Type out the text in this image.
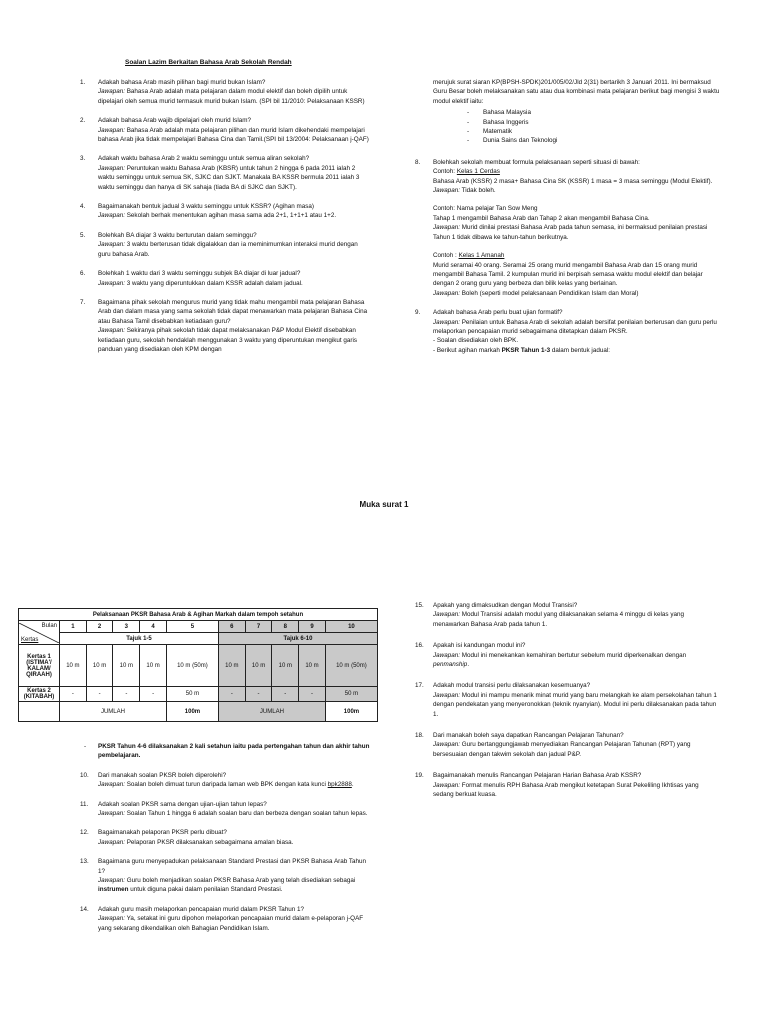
Soalan Lazim Berkaitan Bahasa Arab Sekolah Rendah
1. Adakah bahasa Arab masih pilihan bagi murid bukan Islam?

Jawapan: Bahasa Arab adalah mata pelajaran dalam modul elektif dan boleh dipilih untuk dipelajari oleh semua murid termasuk murid bukan Islam. (SPI bil 11/2010: Pelaksanaan KSSR)

2. Adakah bahasa Arab wajib dipelajari oleh murid Islam?

Jawapan: Bahasa Arab adalah mata pelajaran pilihan dan murid Islam dikehendaki mempelajari bahasa Arab jika tidak mempelajari Bahasa Cina dan Tamil.(SPI bil 13/2004: Pelaksanaan j-QAF)

3. Adakah waktu bahasa Arab 2 waktu seminggu untuk semua aliran sekolah?

Jawapan: Peruntukan waktu Bahasa Arab (KBSR) untuk tahun 2 hingga 6 pada 2011 ialah 2 waktu seminggu untuk semua SK, SJKC dan SJKT. Manakala BA KSSR bermula 2011 ialah 3 waktu seminggu dan hanya di SK sahaja (tiada BA di SJKC dan SJKT).

4. Bagaimanakah bentuk jadual 3 waktu seminggu untuk KSSR? (Agihan masa)

Jawapan: Sekolah berhak menentukan agihan masa sama ada 2+1, 1+1+1 atau 1+2.

5. Bolehkah BA diajar 3 waktu berturutan dalam seminggu?

Jawapan: 3 waktu berterusan tidak digalakkan dan ia meminimumkan interaksi murid dengan guru bahasa Arab.

6. Bolehkah 1 waktu dari 3 waktu seminggu subjek BA diajar di luar jadual?

Jawapan: 3 waktu yang diperuntukkan dalam KSSR adalah dalam jadual.

7. Bagaimana pihak sekolah mengurus murid yang tidak mahu mengambil mata pelajaran Bahasa Arab dan dalam masa yang sama sekolah tidak dapat menawarkan mata pelajaran Bahasa Cina atau Bahasa Tamil disebabkan ketiadaan guru?

Jawapan: Sekiranya pihak sekolah tidak dapat melaksanakan P&P Modul Elektif disebabkan ketiadaan guru, sekolah hendaklah menggunakan 3 waktu yang diperuntukan mengikut garis panduan yang disediakan oleh KPM dengan

merujuk surat siaran KP(BPSH-SPDK)201/005/02/Jld 2(31) bertarikh 3 Januari 2011. Ini bermaksud Guru Besar boleh melaksanakan satu atau dua kombinasi mata pelajaran berikut bagi mengisi 3 waktu modul elektif iaitu:

- Bahasa Malaysia
- Bahasa Inggeris
- Matematik
- Dunia Sains dan Teknologi
8. Bolehkah sekolah membuat formula pelaksanaan seperti situasi di bawah:

Contoh: Kelas 1 Cerdas

Bahasa Arab (KSSR) 2 masa+ Bahasa Cina SK (KSSR) 1 masa = 3 masa seminggu (Modul Elektif).

Jawapan: Tidak boleh.

Contoh: Nama pelajar Tan Sow Meng

Tahap 1 mengambil Bahasa Arab dan Tahap 2 akan mengambil Bahasa Cina.

Jawapan: Murid dinilai prestasi Bahasa Arab pada tahun semasa, ini bermaksud penilaian prestasi Tahun 1 tidak dibawa ke tahun-tahun berikutnya.

Contoh : Kelas 1 Amanah

Murid seramai 40 orang. Seramai 25 orang murid mengambil Bahasa Arab dan 15 orang murid mengambil Bahasa Tamil. 2 kumpulan murid ini berpisah semasa waktu modul elektif dan belajar dengan 2 orang guru yang berbeza dan bilik kelas yang berlainan.

Jawapan: Boleh (seperti model pelaksanaan Pendidikan Islam dan Moral)

9. Adakah bahasa Arab perlu buat ujian formatif?

Jawapan: Penilaian untuk Bahasa Arab di sekolah adalah bersifat penilaian berterusan dan guru perlu melaporkan pencapaian murid sebagaimana ditetapkan dalam PKSR.

- Soalan disediakan oleh BPK.

- Berikut agihan markah PKSR Tahun 1-3 dalam bentuk jadual:

Muka surat 1
Pelaksanaan PKSR Bahasa Arab & Agihan Markah dalam tempoh setahun										

Bulan
Kertas	1	2	3	4	5	6	7	8	9	10
	Tajuk 1-5					Tajuk 6-10				
Kertas 1 (ISTIMA'/ KALAM/ QIRAAH)	10 m	10 m	10 m	10 m	10 m (50m)	10 m	10 m	10 m	10 m	10 m (50m)
Kertas 2 (KITABAH)	-	-	-	-	50 m	-	-	-	-	50 m
	JUMLAH				100m	JUMLAH				100m
- PKSR Tahun 4-6 dilaksanakan 2 kali setahun iaitu pada pertengahan tahun dan akhir tahun pembelajaran.

10. Dari manakah soalan PKSR boleh diperolehi?

Jawapan: Soalan boleh dimuat turun daripada laman web BPK dengan kata kunci bpk2888.

11. Adakah soalan PKSR sama dengan ujian-ujian tahun lepas?

Jawapan: Soalan Tahun 1 hingga 6 adalah soalan baru dan berbeza dengan soalan tahun lepas.

12. Bagaimanakah pelaporan PKSR perlu dibuat?

Jawapan: Pelaporan PKSR dilaksanakan sebagaimana amalan biasa.

13. Bagaimana guru menyepadukan pelaksanaan Standard Prestasi dan PKSR Bahasa Arab Tahun 1?

Jawapan: Guru boleh menjadikan soalan PKSR Bahasa Arab yang telah disediakan sebagai instrumen untuk diguna pakai dalam penilaian Standard Prestasi.

14. Adakah guru masih melaporkan pencapaian murid dalam PKSR Tahun 1?

Jawapan: Ya, setakat ini guru dipohon melaporkan pencapaian murid dalam e-pelaporan j-QAF yang sekarang dikendalikan oleh Bahagian Pendidikan Islam.

15. Apakah yang dimaksudkan dengan Modul Transisi?

Jawapan: Modul Transisi adalah modul yang dilaksanakan selama 4 minggu di kelas yang menawarkan Bahasa Arab pada tahun 1.

16. Apakah isi kandungan modul ini?

Jawapan: Modul ini menekankan kemahiran bertutur sebelum murid diperkenalkan dengan penmanship.

17. Adakah modul transisi perlu dilaksanakan kesemuanya?

Jawapan: Modul ini mampu menarik minat murid yang baru melangkah ke alam persekolahan tahun 1 dengan pendekatan yang menyeronokkan (teknik nyanyian). Modul ini perlu dilaksanakan pada tahun 1.

18. Dari manakah boleh saya dapatkan Rancangan Pelajaran Tahunan?

Jawapan: Guru bertanggungjawab menyediakan Rancangan Pelajaran Tahunan (RPT) yang bersesuaian dengan takwim sekolah dan jadual P&P.

19. Bagaimanakah menulis Rancangan Pelajaran Harian Bahasa Arab KSSR?

Jawapan: Format menulis RPH Bahasa Arab mengikut ketetapan Surat Pekeliling Ikhtisas yang sedang berkuat kuasa.
